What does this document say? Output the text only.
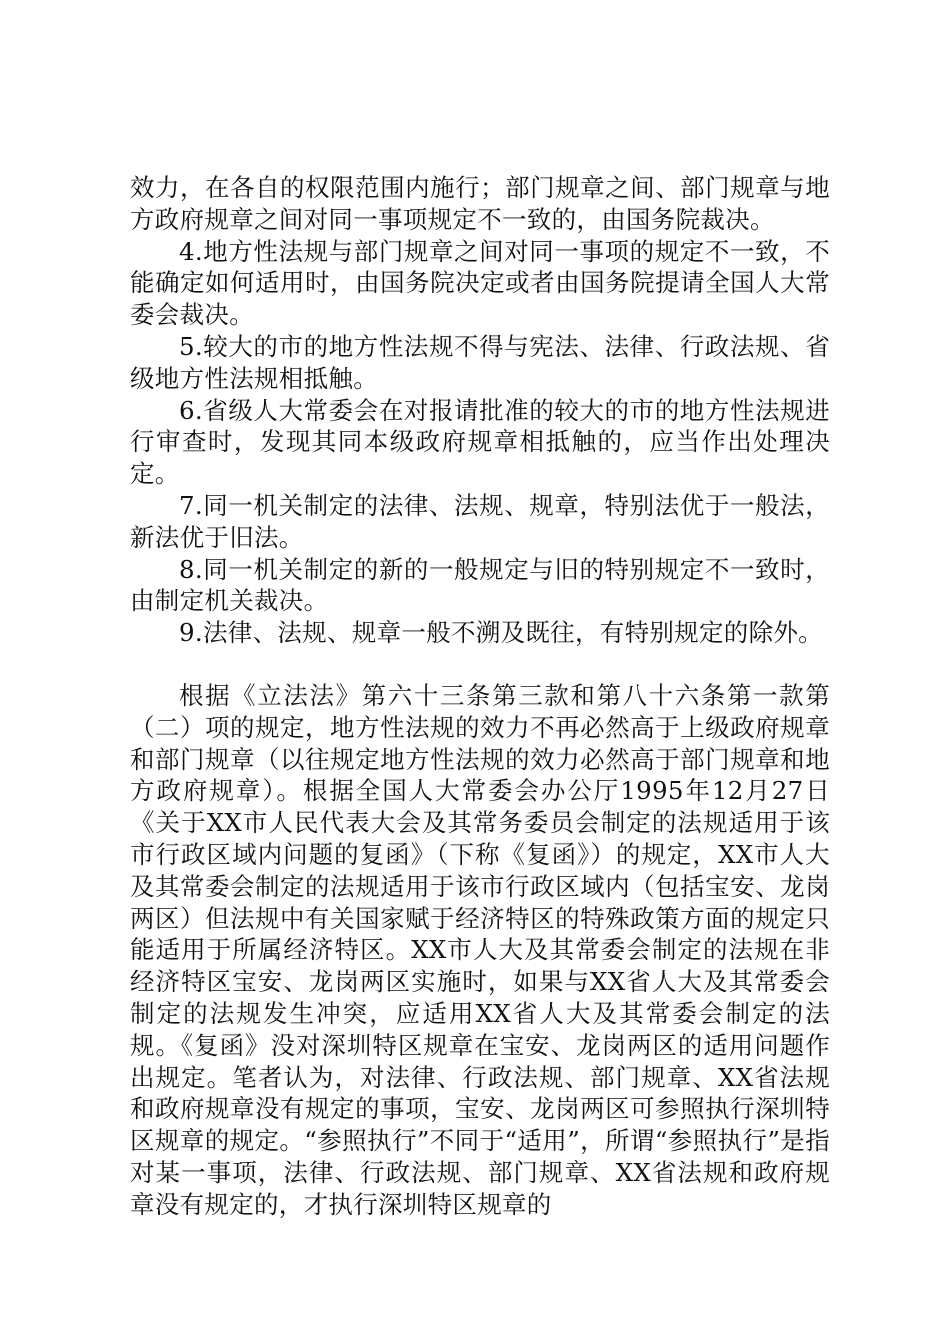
效力，在各自的权限范围内施行；部门规章之间、部门规章与地方政府规章之间对同一事项规定不一致的，由国务院裁决。

4.地方性法规与部门规章之间对同一事项的规定不一致，不能确定如何适用时，由国务院决定或者由国务院提请全国人大常委会裁决。

5.较大的市的地方性法规不得与宪法、法律、行政法规、省级地方性法规相抵触。

6.省级人大常委会在对报请批准的较大的市的地方性法规进行审查时，发现其同本级政府规章相抵触的，应当作出处理决定。

7.同一机关制定的法律、法规、规章，特别法优于一般法，新法优于旧法。

8.同一机关制定的新的一般规定与旧的特别规定不一致时，由制定机关裁决。

9.法律、法规、规章一般不溯及既往，有特别规定的除外。

根据《立法法》第六十三条第三款和第八十六条第一款第（二）项的规定，地方性法规的效力不再必然高于上级政府规章和部门规章（以往规定地方性法规的效力必然高于部门规章和地方政府规章）。根据全国人大常委会办公厅1995年12月27日《关于XX市人民代表大会及其常务委员会制定的法规适用于该市行政区域内问题的复函》（下称《复函》）的规定，XX市人大及其常委会制定的法规适用于该市行政区域内（包括宝安、龙岗两区）但法规中有关国家赋于经济特区的特殊政策方面的规定只能适用于所属经济特区。XX市人大及其常委会制定的法规在非经济特区宝安、龙岗两区实施时，如果与XX省人大及其常委会制定的法规发生冲突，应适用XX省人大及其常委会制定的法规。《复函》没对深圳特区规章在宝安、龙岗两区的适用问题作出规定。笔者认为，对法律、行政法规、部门规章、XX省法规和政府规章没有规定的事项，宝安、龙岗两区可参照执行深圳特区规章的规定。“参照执行”不同于“适用”，所谓“参照执行”是指对某一事项，法律、行政法规、部门规章、XX省法规和政府规章没有规定的，才执行深圳特区规章的
